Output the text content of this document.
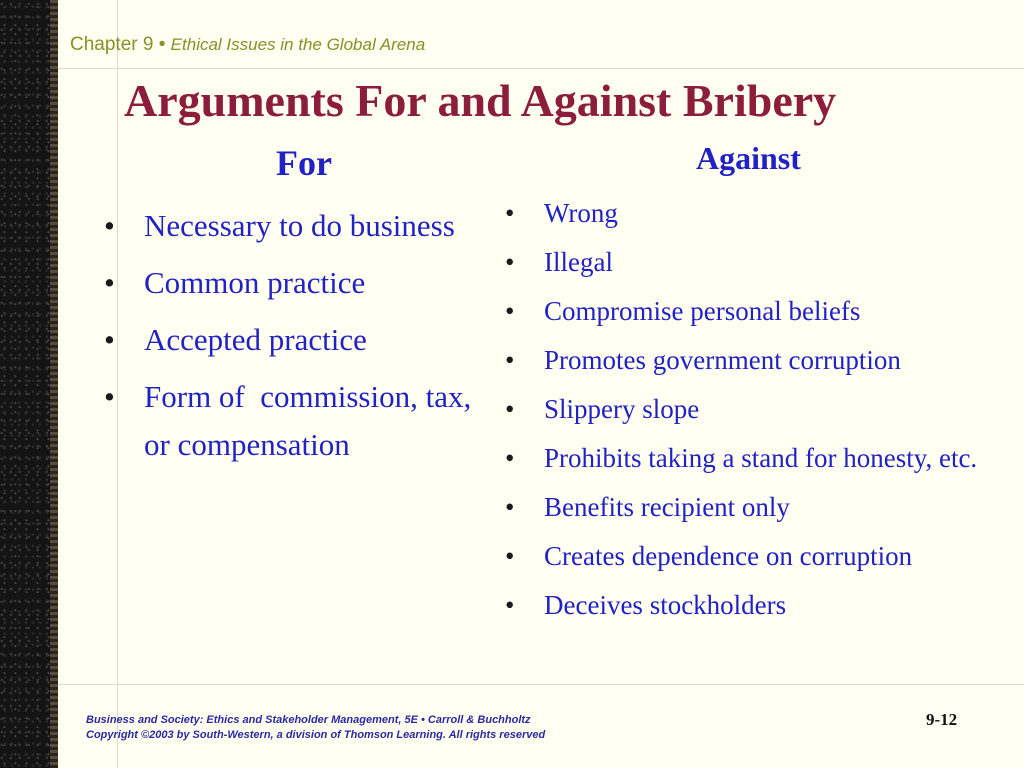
Chapter 9 • Ethical Issues in the Global Arena
Arguments For and Against Bribery
For	Against
• Necessary to do business
• Common practice
• Accepted practice
• Form of  commission, tax, or compensation
• Wrong
• Illegal
• Compromise personal beliefs
• Promotes government corruption
• Slippery slope
• Prohibits taking a stand for honesty, etc.
• Benefits recipient only
• Creates dependence on corruption
• Deceives stockholders
Business and Society: Ethics and Stakeholder Management, 5E • Carroll & Buchholtz
Copyright ©2003 by South-Western, a division of Thomson Learning. All rights reserved
9-12
